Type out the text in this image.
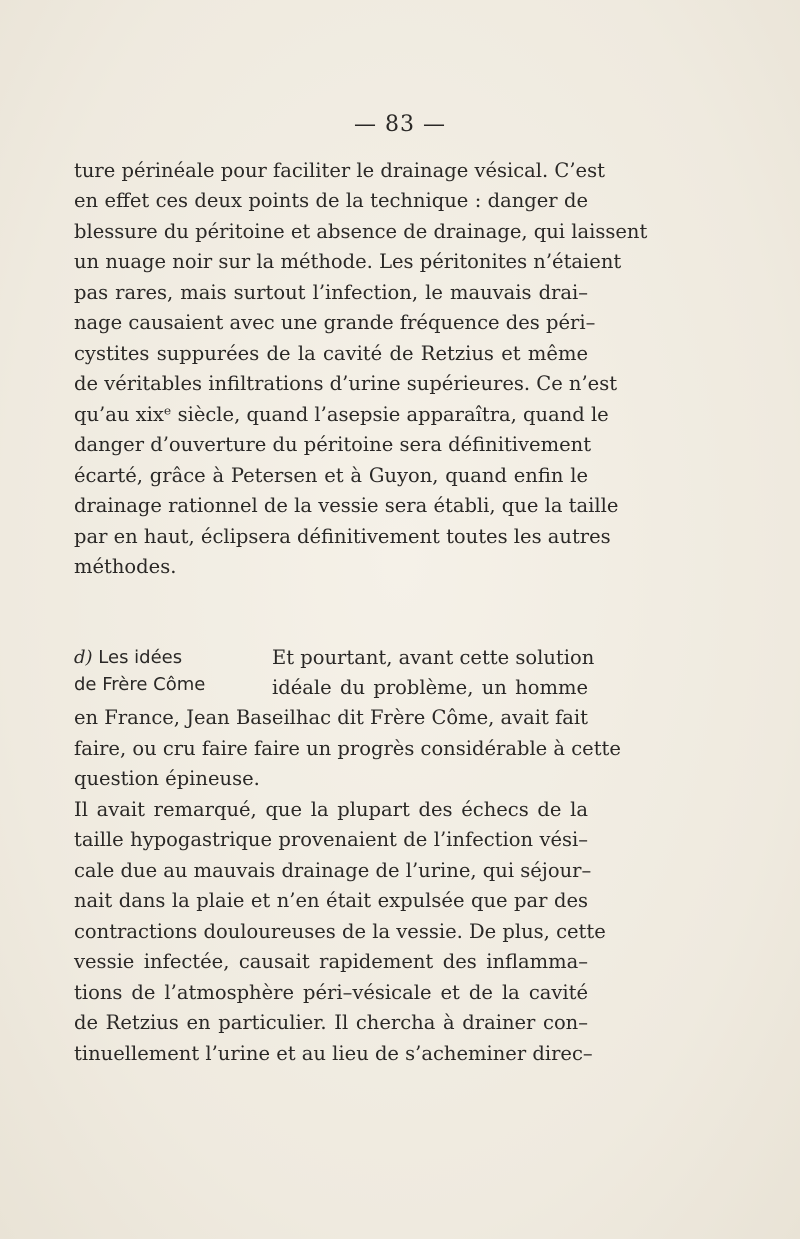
— 83 —
ture périnéale pour faciliter le drainage vésical. C’est
en effet ces deux points de la technique : danger de
blessure du péritoine et absence de drainage, qui laissent
un nuage noir sur la méthode. Les péritonites n’étaient
pas rares, mais surtout l’infection, le mauvais drai–
nage causaient avec une grande fréquence des péri–
cystites suppurées de la cavité de Retzius et même
de véritables infiltrations d’urine supérieures. Ce n’est
qu’au xixᵉ siècle, quand l’asepsie apparaîtra, quand le
danger d’ouverture du péritoine sera définitivement
écarté, grâce à Petersen et à Guyon, quand enfin le
drainage rationnel de la vessie sera établi, que la taille
par en haut, éclipsera définitivement toutes les autres
méthodes.
d) Les idées
de Frère Côme
Et pourtant, avant cette solution
idéale du problème, un homme
en France, Jean Baseilhac dit Frère Côme, avait fait
faire, ou cru faire faire un progrès considérable à cette
question épineuse.
Il avait remarqué, que la plupart des échecs de la
taille hypogastrique provenaient de l’infection vési–
cale due au mauvais drainage de l’urine, qui séjour–
nait dans la plaie et n’en était expulsée que par des
contractions douloureuses de la vessie. De plus, cette
vessie infectée, causait rapidement des inflamma–
tions de l’atmosphère péri–vésicale et de la cavité
de Retzius en particulier. Il chercha à drainer con–
tinuellement l’urine et au lieu de s’acheminer direc–
